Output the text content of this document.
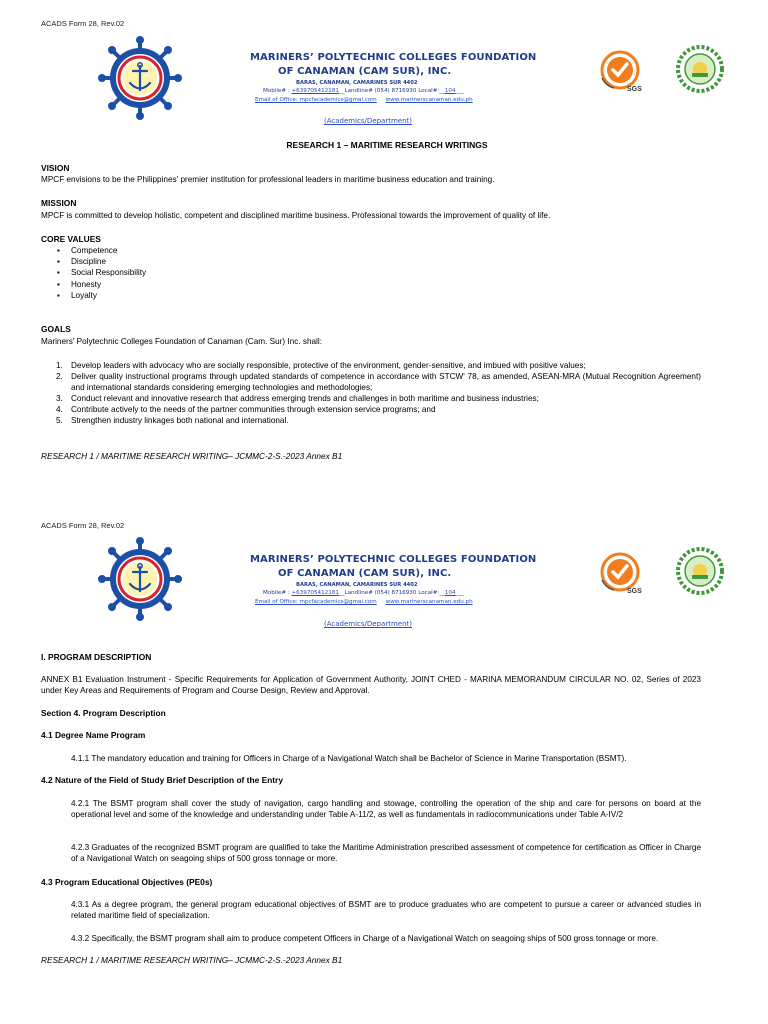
ACADS Form 28, Rev.02
MARINERS’ POLYTECHNIC COLLEGES FOUNDATION
OF CANAMAN (CAM SUR), INC.
BARAS, CANAMAN, CAMARINES SUR 4402
Mobile# : +639705412181__Landline# (054) 8716930 Local#:__104___
Email of Office: mpcfacademics@gmai.com www.marinerscanaman.edu.ph
(Academics/Department)
SGS
RESEARCH 1 – MARITIME RESEARCH WRITINGS
VISION
MPCF envisions to be the Philippines' premier institution for professional leaders in maritime business education and training.
MISSION
MPCF is committed to develop holistic, competent and disciplined maritime business. Professional towards the improvement of quality of life.
CORE VALUES
▪ Competence
▪ Discipline
▪ Social Responsibility
▪ Honesty
▪ Loyalty
GOALS
Mariners' Polytechnic Colleges Foundation of Canaman (Cam. Sur) Inc. shall:
1. Develop leaders with advocacy who are socially responsible, protective of the environment, gender-sensitive, and imbued with positive values;
2. Deliver quality instructional programs through updated standards of competence in accordance with STCW' 78, as amended, ASEAN-MRA (Mutual Recognition Agreement) and international standards considering emerging technologies and methodologies;
3. Conduct relevant and innovative research that address emerging trends and challenges in both maritime and business industries;
4. Contribute actively to the needs of the partner communities through extension service programs; and
5. Strengthen industry linkages both national and international.
RESEARCH 1 / MARITIME RESEARCH WRITING– JCMMC-2-S.-2023 Annex B1
ACADS Form 28, Rev.02
MARINERS’ POLYTECHNIC COLLEGES FOUNDATION
OF CANAMAN (CAM SUR), INC.
BARAS, CANAMAN, CAMARINES SUR 4402
Mobile# : +639705412181__Landline# (054) 8716930 Local#:__104___
Email of Office: mpcfacademics@gmai.com www.marinerscanaman.edu.ph
(Academics/Department)
SGS
I. PROGRAM DESCRIPTION
ANNEX B1 Evaluation Instrument - Specific Requirements for Application of Government Authority, JOINT CHED - MARINA MEMORANDUM CIRCULAR NO. 02, Series of 2023 under Key Areas and Requirements of Program and Course Design, Review and Approval.
Section 4. Program Description
4.1 Degree Name Program
4.1.1 The mandatory education and training for Officers in Charge of a Navigational Watch shall be Bachelor of Science in Marine Transportation (BSMT).
4.2 Nature of the Field of Study Brief Description of the Entry
4.2.1 The BSMT program shall cover the study of navigation, cargo handling and stowage, controlling the operation of the ship and care for persons on board at the operational level and some of the knowledge and understanding under Table A-11/2, as well as fundamentals in radiocommunications under Table A-IV/2
4.2.3 Graduates of the recognized BSMT program are qualified to take the Maritime Administration prescribed assessment of competence for certification as Officer in Charge of a Navigational Watch on seagoing ships of 500 gross tonnage or more.
4.3 Program Educational Objectives (PE0s)
4.3.1 As a degree program, the general program educational objectives of BSMT are to produce graduates who are competent to pursue a career or advanced studies in related maritime field of specialization.
4.3.2 Specifically, the BSMT program shall aim to produce competent Officers in Charge of a Navigational Watch on seagoing ships of 500 gross tonnage or more.
RESEARCH 1 / MARITIME RESEARCH WRITING– JCMMC-2-S.-2023 Annex B1
